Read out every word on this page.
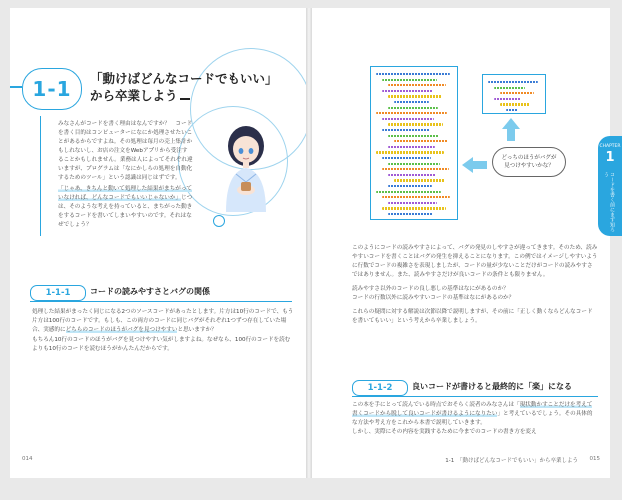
1-1	「動けばどんなコードでもいい」
から卒業しよう

みなさんがコードを書く理由はなんですか？　コードを書く目的はコンピューターになにか処理させたいことがあるからですよね。その処理は毎月の売上集計かもしれないし、お店の注文をWebアプリから受注することかもしれません。業務は人によってそれぞれ違いますが、プログラムは「なにかしらの処理を自動化するためのツール」という認識は同じはずです。

「じゃあ、きちんと動いて処理した結果がまちがっていなければ、どんなコードでもいいじゃないか」じつは、そのような考えを持っていると、まちがった動きをするコードを書いてしまいやすいのです。それはなぜでしょう？

1-1-1	コードの読みやすさとバグの関係

処理した結果がまったく同じになる2つのソースコードがあったとします。片方は10行のコードで、もう片方は100行のコードです。もしも、この両方のコードに同じバグがそれぞれ1つずつ存在していた場合、実感的にどちらのコードのほうがバグを見つけやすいと思いますか？

もちろん10行のコードのほうがバグを見つけやすい気がしますよね。なぜなら、100行のコードを読むよりも10行のコードを読むほうがかんたんだからです。

014
どっちのほうがバグが
見つけやすいかな？
CHAPTER
1
コードを書く前にまず知ろう

このようにコードの読みやすさによって、バグの発見のしやすさが違ってきます。そのため、読みやすいコードを書くことはバグの発生を抑えることになります。この例ではイメージしやすいように行数でコードの複雑さを表現しましたが、コードの量が少ないことだけがコードの読みやすさではありません。また、読みやすさだけが良いコードの条件とも限りません。

読みやすさ以外のコードの良し悪しの基準はなにがあるのか？

コードの行数以外に読みやすいコードの基準はなにがあるのか？

これらの疑問に対する解説は次節以降で説明しますが、その前に「正しく動くならどんなコードを書いてもいい」という考えから卒業しましょう。

1-1-2	良いコードが書けると最終的に「楽」になる

この本を手にとって読んでいる時点でおそらく読者のみなさんは「現状動かすことだけを考えて書くコードから脱して良いコードが書けるようになりたい」と考えているでしょう。その具体的な方法や考え方をこれから本書で説明していきます。

しかし、実際にその内容を実践するために今までのコードの書き方を変え

1-1　「動けばどんなコードでもいい」から卒業しよう 015
